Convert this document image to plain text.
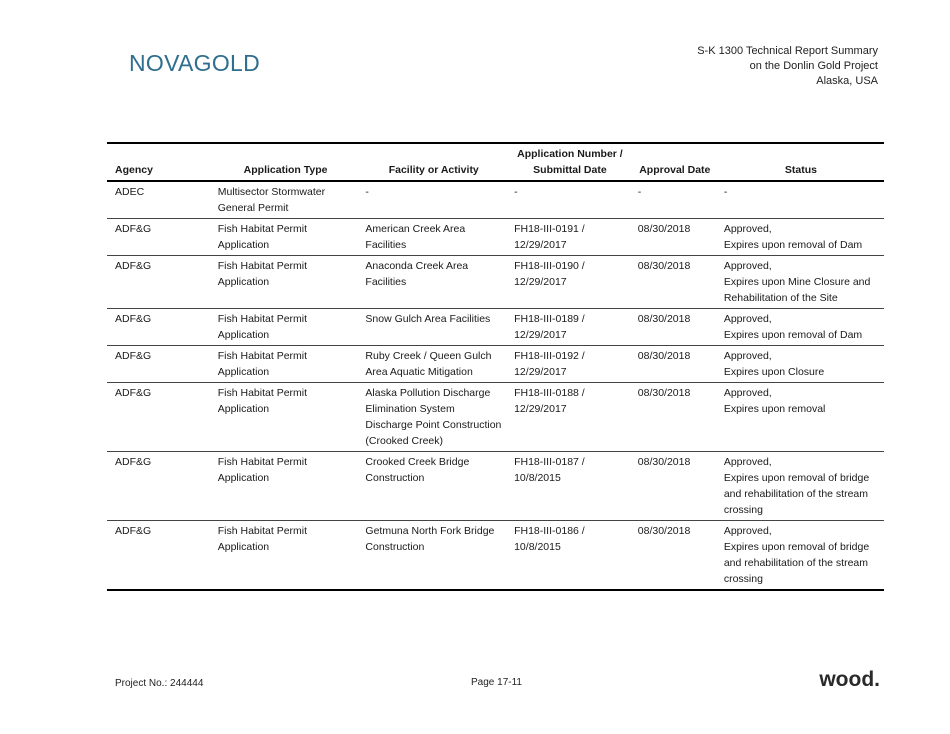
NOVAGOLD	S-K 1300 Technical Report Summary
on the Donlin Gold Project
Alaska, USA
Agency	Application Type	Facility or Activity	Application Number / Submittal Date	Approval Date	Status
ADEC	Multisector Stormwater General Permit	-	-	-	-

ADF&G	Fish Habitat Permit Application	American Creek Area Facilities	FH18-III-0191 / 12/29/2017	08/30/2018	Approved,
Expires upon removal of Dam

ADF&G	Fish Habitat Permit Application	Anaconda Creek Area Facilities	FH18-III-0190 / 12/29/2017	08/30/2018	Approved,
Expires upon Mine Closure and Rehabilitation of the Site

ADF&G	Fish Habitat Permit Application	Snow Gulch Area Facilities	FH18-III-0189 / 12/29/2017	08/30/2018	Approved,
Expires upon removal of Dam

ADF&G	Fish Habitat Permit Application	Ruby Creek / Queen Gulch Area Aquatic Mitigation	FH18-III-0192 / 12/29/2017	08/30/2018	Approved,
Expires upon Closure

ADF&G	Fish Habitat Permit Application	Alaska Pollution Discharge Elimination System Discharge Point Construction (Crooked Creek)	FH18-III-0188 / 12/29/2017	08/30/2018	Approved,
Expires upon removal

ADF&G	Fish Habitat Permit Application	Crooked Creek Bridge Construction	FH18-III-0187 / 10/8/2015	08/30/2018	Approved,
Expires upon removal of bridge and rehabilitation of the stream crossing

ADF&G	Fish Habitat Permit Application	Getmuna North Fork Bridge Construction	FH18-III-0186 / 10/8/2015	08/30/2018	Approved,
Expires upon removal of bridge and rehabilitation of the stream crossing
Project No.: 244444	Page 17-11	wood.
